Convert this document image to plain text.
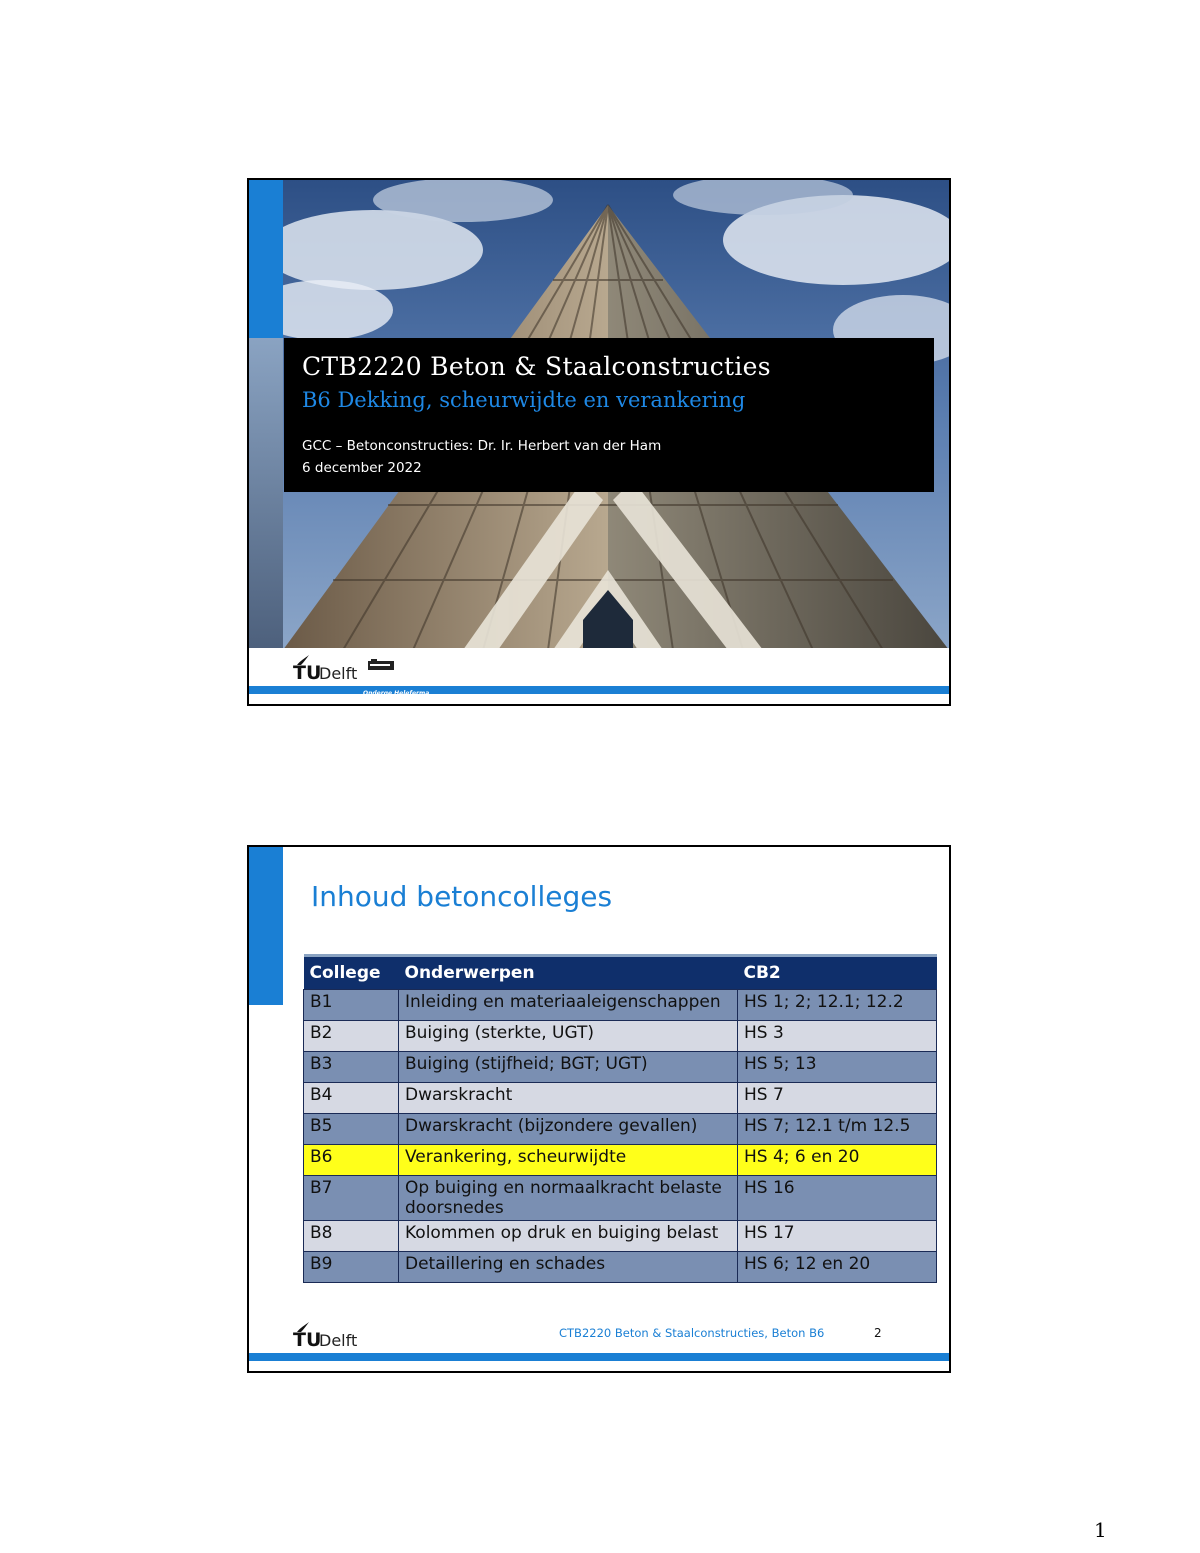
CTB2220 Beton & Staalconstructies
B6 Dekking, scheurwijdte en verankering
GCC – Betonconstructies: Dr. Ir. Herbert van der Ham
6 december 2022
TU
Delft
Onderge Heleferma
Inhoud betoncolleges
College	Onderwerpen	CB2
B1	Inleiding en materiaaleigenschappen	HS 1; 2; 12.1; 12.2
B2	Buiging (sterkte, UGT)	HS 3
B3	Buiging (stijfheid; BGT; UGT)	HS 5; 13
B4	Dwarskracht	HS 7
B5	Dwarskracht (bijzondere gevallen)	HS 7; 12.1 t/m 12.5
B6	Verankering, scheurwijdte	HS 4; 6 en 20
B7	Op buiging en normaalkracht belaste doorsnedes	HS 16
B8	Kolommen op druk en buiging belast	HS 17
B9	Detaillering en schades	HS 6; 12 en 20
TU
Delft	CTB2220 Beton & Staalconstructies, Beton B6	2
1
